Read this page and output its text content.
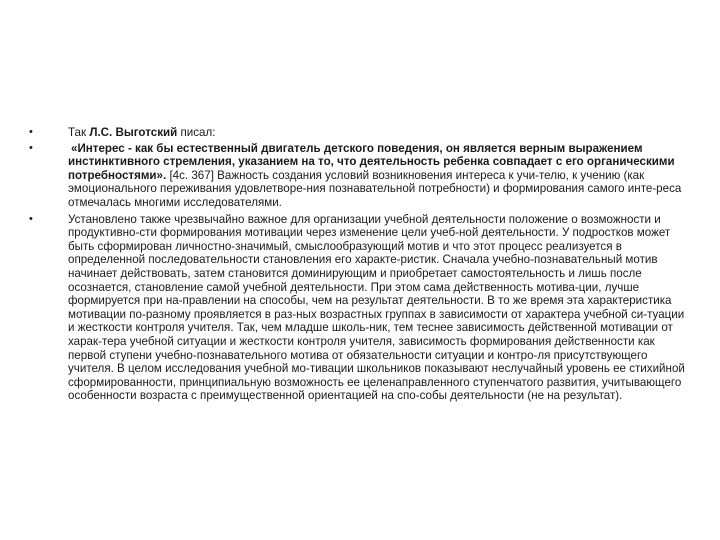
•	Так Л.С. Выготский писал:
•	«Интерес - как бы естественный двигатель детского поведения, он является верным выражением инстинктивного стремления, указанием на то, что деятельность ребенка совпадает с его органическими потребностями». [4с. 367] Важность создания условий возникновения интереса к учи-телю, к учению (как эмоционального переживания удовлетворе-ния познавательной потребности) и формирования самого инте-реса отмечалась многими исследователями.
•	Установлено также чрезвычайно важное для организации учебной деятельности положение о возможности и продуктивно-сти формирования мотивации через изменение цели учеб-ной деятельности. У подростков может быть сформирован личностно-значимый, смыслообразующий мотив и что этот процесс реализуется в определенной последовательности становления его характе-ристик. Сначала учебно-познавательный мотив начинает действовать, затем становится доминирующим и приобретает самостоятельность и лишь после осознается, становление самой учебной деятельности. При этом сама действенность мотива-ции, лучше формируется при на-правлении на способы, чем на результат деятельности. В то же время эта характеристика мотивации по-разному проявляется в раз-ных возрастных группах в зависимости от характера учебной си-туации и жесткости контроля учителя. Так, чем младше школь-ник, тем теснее зависимость действенной мотивации от харак-тера учебной ситуации и жесткости контроля учителя, зависимость формирования действенности как первой ступени учебно-познавательного мотива от обязательности ситуации и контро-ля присутствующего учителя. В целом исследования учебной мо-тивации школьников показывают неслучайный уровень ее стихийной сформированности, принципиальную возможность ее целенаправленного ступенчатого развития, учитывающего особенности возраста с преимущественной ориентацией на спо-собы деятельности (не на результат).
